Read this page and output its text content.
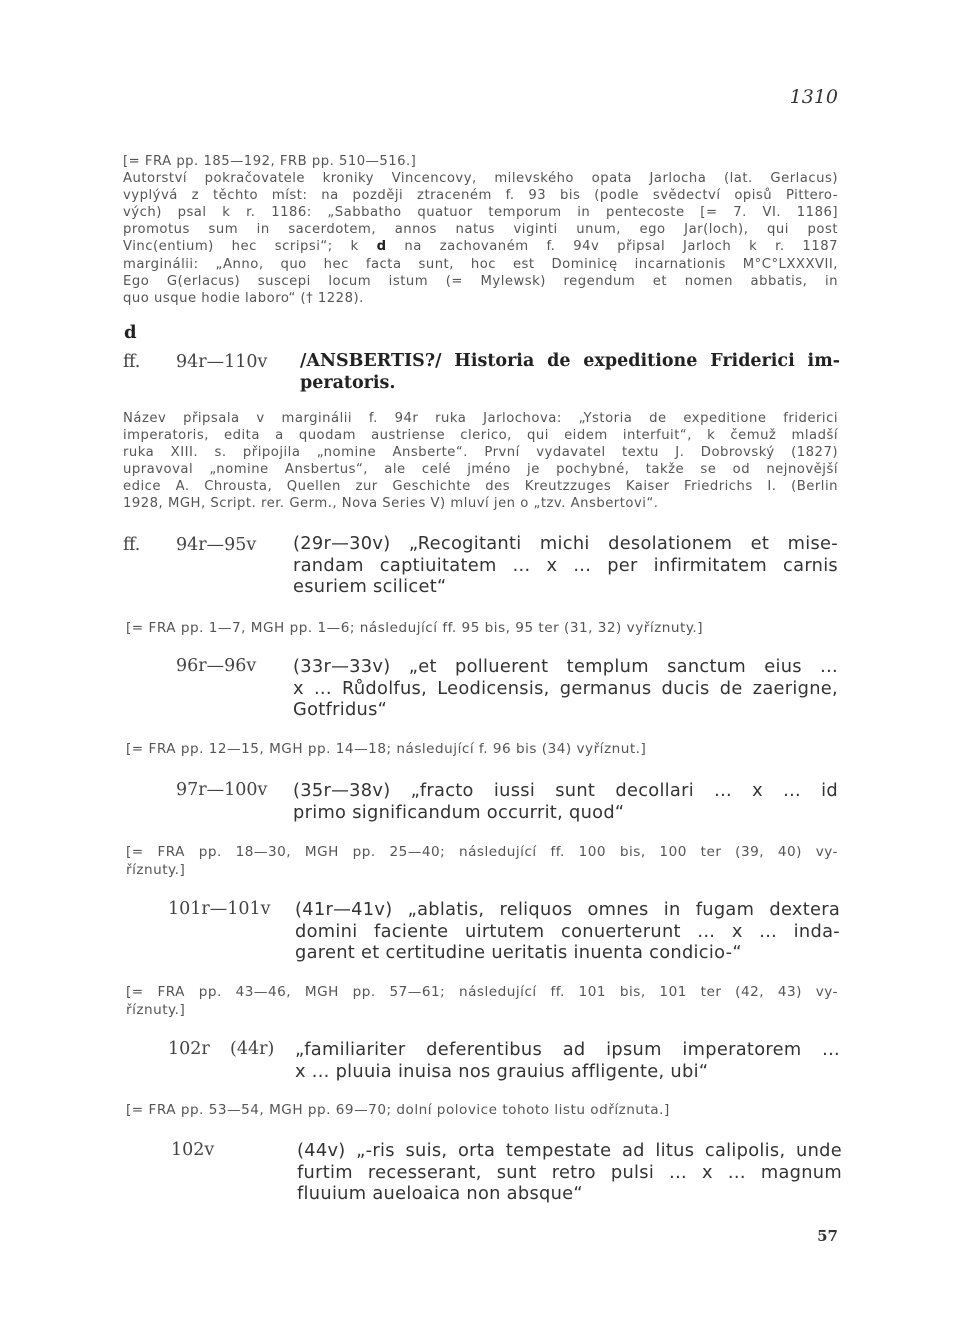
1310
[= FRA pp. 185—192, FRB pp. 510—516.]
Autorství pokračovatele kroniky Vincencovy, milevského opata Jarlocha (lat. Gerlacus)
vyplývá z těchto míst: na později ztraceném f. 93 bis (podle svědectví opisů Pittero-
vých) psal k r. 1186: „Sabbatho quatuor temporum in pentecoste [= 7. VI. 1186]
promotus sum in sacerdotem, annos natus viginti unum, ego Jar(loch), qui post
Vinc(entium) hec scripsi“; k d na zachovaném f. 94v připsal Jarloch k r. 1187
marginálii: „Anno, quo hec facta sunt, hoc est Dominicę incarnationis M°C°LXXXVII,
Ego G(erlacus) suscepi locum istum (= Mylewsk) regendum et nomen abbatis, in
quo usque hodie laboro“ († 1228).
d
ff. 94r—110v /ANSBERTIS?/ Historia de expeditione Friderici im-
peratoris.
Název připsala v marginálii f. 94r ruka Jarlochova: „Ystoria de expeditione friderici
imperatoris, edita a quodam austriense clerico, qui eidem interfuit“, k čemuž mladší
ruka XIII. s. připojila „nomine Ansberte“. První vydavatel textu J. Dobrovský (1827)
upravoval „nomine Ansbertus“, ale celé jméno je pochybné, takže se od nejnovější
edice A. Chrousta, Quellen zur Geschichte des Kreutzzuges Kaiser Friedrichs I. (Berlin
1928, MGH, Script. rer. Germ., Nova Series V) mluví jen o „tzv. Ansbertovi“.
ff. 94r—95v (29r—30v) „Recogitanti michi desolationem et mise-
randam captiuitatem ... x ... per infirmitatem carnis
esuriem scilicet“
[= FRA pp. 1—7, MGH pp. 1—6; následující ff. 95 bis, 95 ter (31, 32) vyříznuty.]
96r—96v (33r—33v) „et polluerent templum sanctum eius ...
x ... Růdolfus, Leodicensis, germanus ducis de zaerigne,
Gotfridus“
[= FRA pp. 12—15, MGH pp. 14—18; následující f. 96 bis (34) vyříznut.]
97r—100v (35r—38v) „fracto iussi sunt decollari ... x ... id
primo significandum occurrit, quod“
[= FRA pp. 18—30, MGH pp. 25—40; následující ff. 100 bis, 100 ter (39, 40) vy-
říznuty.]
101r—101v (41r—41v) „ablatis, reliquos omnes in fugam dextera
domini faciente uirtutem conuerterunt ... x ... inda-
garent et certitudine ueritatis inuenta condicio-“
[= FRA pp. 43—46, MGH pp. 57—61; následující ff. 101 bis, 101 ter (42, 43) vy-
říznuty.]
102r (44r) „familiariter deferentibus ad ipsum imperatorem ...
x ... pluuia inuisa nos grauius affligente, ubi“
[= FRA pp. 53—54, MGH pp. 69—70; dolní polovice tohoto listu odříznuta.]
102v	(44v) „-ris suis, orta tempestate ad litus calipolis, unde
furtim recesserant, sunt retro pulsi ... x ... magnum
fluuium aueloaica non absque“
57
